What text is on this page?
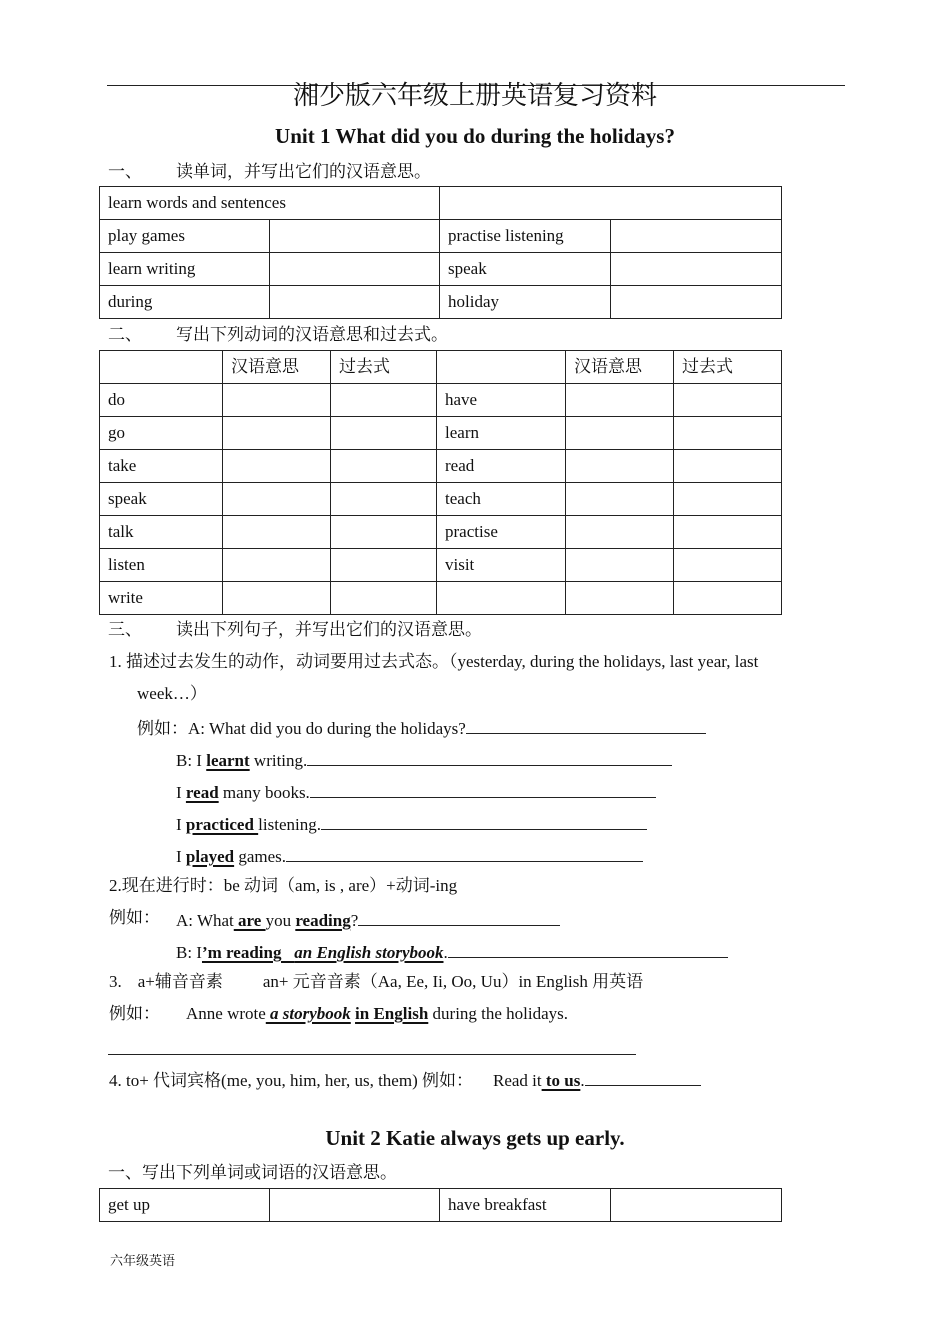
湘少版六年级上册英语复习资料
Unit 1 What did you do during the holidays?
一、 读单词，并写出它们的汉语意思。
learn words and sentences			
play games		practise listening	
learn writing		speak	
during		holiday	
二、 写出下列动词的汉语意思和过去式。
	汉语意思	过去式		汉语意思	过去式
do			have		
go			learn		
take			read		
speak			teach		
talk			practise		
listen			visit		
write					
三、 读出下列句子，并写出它们的汉语意思。
1. 描述过去发生的动作，动词要用过去式态。（yesterday, during the holidays, last year, last
week…）
例如：A: What did you do during the holidays?
B: I learnt writing.
I read many books.
I practiced listening.
I played games.
2.现在进行时：be 动词（am, is , are）+动词-ing
例如： A: What are you reading?
B: I’m reading an English storybook.
3. a+辅音音素 an+ 元音音素（Aa, Ee, Ii, Oo, Uu）in English 用英语
例如： Anne wrote a storybook in English during the holidays.
4. to+ 代词宾格(me, you, him, her, us, them) 例如： Read it to us.
Unit 2 Katie always gets up early.
一、写出下列单词或词语的汉语意思。
get up		have breakfast	
六年级英语
